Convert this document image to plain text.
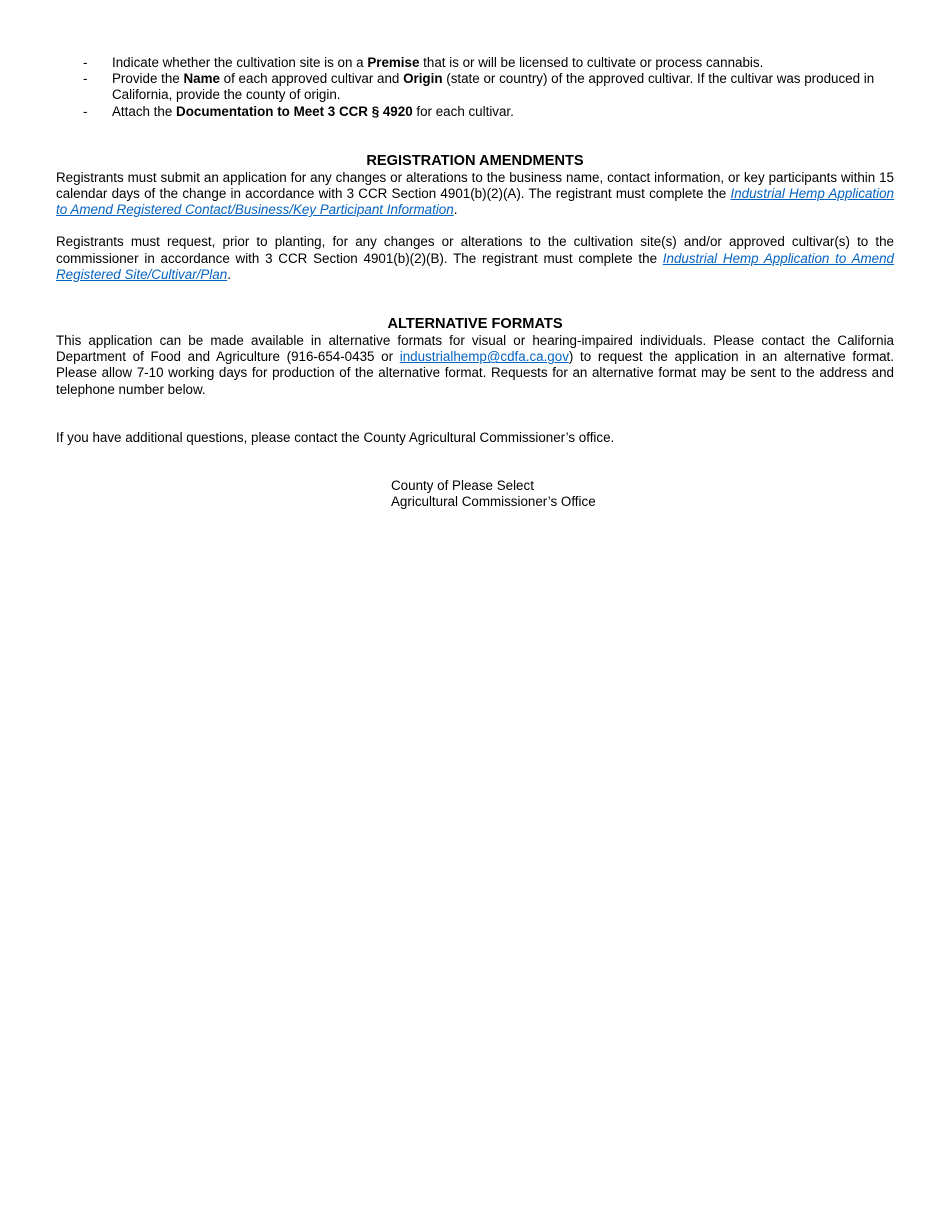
- Indicate whether the cultivation site is on a Premise that is or will be licensed to cultivate or process cannabis.
- Provide the Name of each approved cultivar and Origin (state or country) of the approved cultivar. If the cultivar was produced in California, provide the county of origin.
- Attach the Documentation to Meet 3 CCR § 4920 for each cultivar.
REGISTRATION AMENDMENTS

Registrants must submit an application for any changes or alterations to the business name, contact information, or key participants within 15 calendar days of the change in accordance with 3 CCR Section 4901(b)(2)(A). The registrant must complete the Industrial Hemp Application to Amend Registered Contact/Business/Key Participant Information.

Registrants must request, prior to planting, for any changes or alterations to the cultivation site(s) and/or approved cultivar(s) to the commissioner in accordance with 3 CCR Section 4901(b)(2)(B). The registrant must complete the Industrial Hemp Application to Amend Registered Site/Cultivar/Plan.

ALTERNATIVE FORMATS

This application can be made available in alternative formats for visual or hearing-impaired individuals. Please contact the California Department of Food and Agriculture (916-654-0435 or industrialhemp@cdfa.ca.gov) to request the application in an alternative format. Please allow 7-10 working days for production of the alternative format. Requests for an alternative format may be sent to the address and telephone number below.

If you have additional questions, please contact the County Agricultural Commissioner’s office.

County of Please Select
Agricultural Commissioner’s Office
